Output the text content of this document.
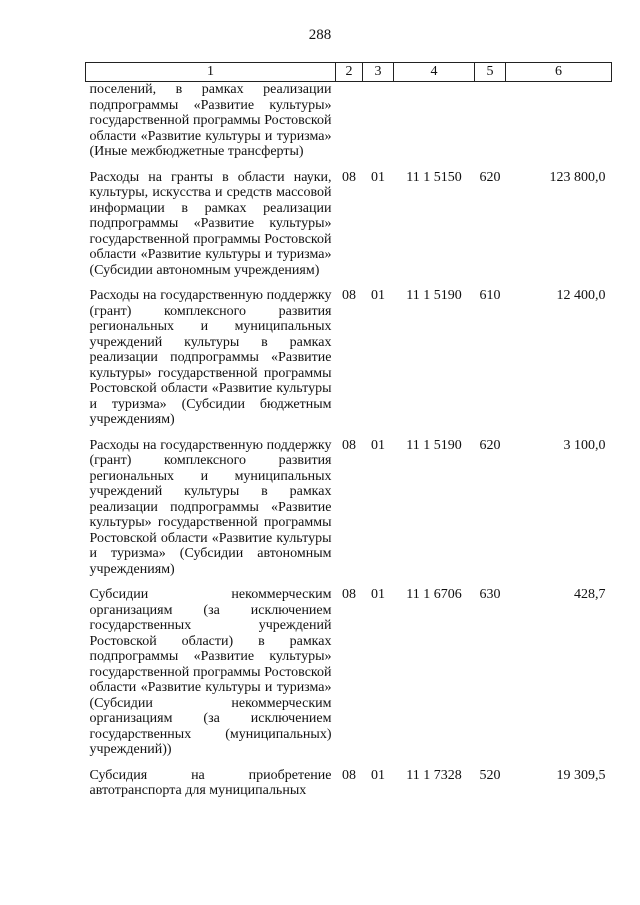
288
1	2	3	4	5	6
поселений, в рамках реализации подпрограммы «Развитие культуры» государственной программы Ростовской области «Развитие культуры и туризма» (Иные межбюджетные трансферты)					
Расходы на гранты в области науки, культуры, искусства и средств массовой информации в рамках реализации подпрограммы «Развитие культуры» государственной программы Ростовской области «Развитие культуры и туризма» (Субсидии автономным учреждениям)	08	01	11 1 5150	620	123 800,0
Расходы на государственную поддержку (грант) комплексного развития региональных и муниципальных учреждений культуры в рамках реализации подпрограммы «Развитие культуры» государственной программы Ростовской области «Развитие культуры и туризма» (Субсидии бюджетным учреждениям)	08	01	11 1 5190	610	12 400,0
Расходы на государственную поддержку (грант) комплексного развития региональных и муниципальных учреждений культуры в рамках реализации подпрограммы «Развитие культуры» государственной программы Ростовской области «Развитие культуры и туризма» (Субсидии автономным учреждениям)	08	01	11 1 5190	620	3 100,0
Субсидии некоммерческим организациям (за исключением государственных учреждений Ростовской области) в рамках подпрограммы «Развитие культуры» государственной программы Ростовской области «Развитие культуры и туризма» (Субсидии некоммерческим организациям (за исключением государственных (муниципальных) учреждений))	08	01	11 1 6706	630	428,7
Субсидия на приобретение автотранспорта для муниципальных	08	01	11 1 7328	520	19 309,5
